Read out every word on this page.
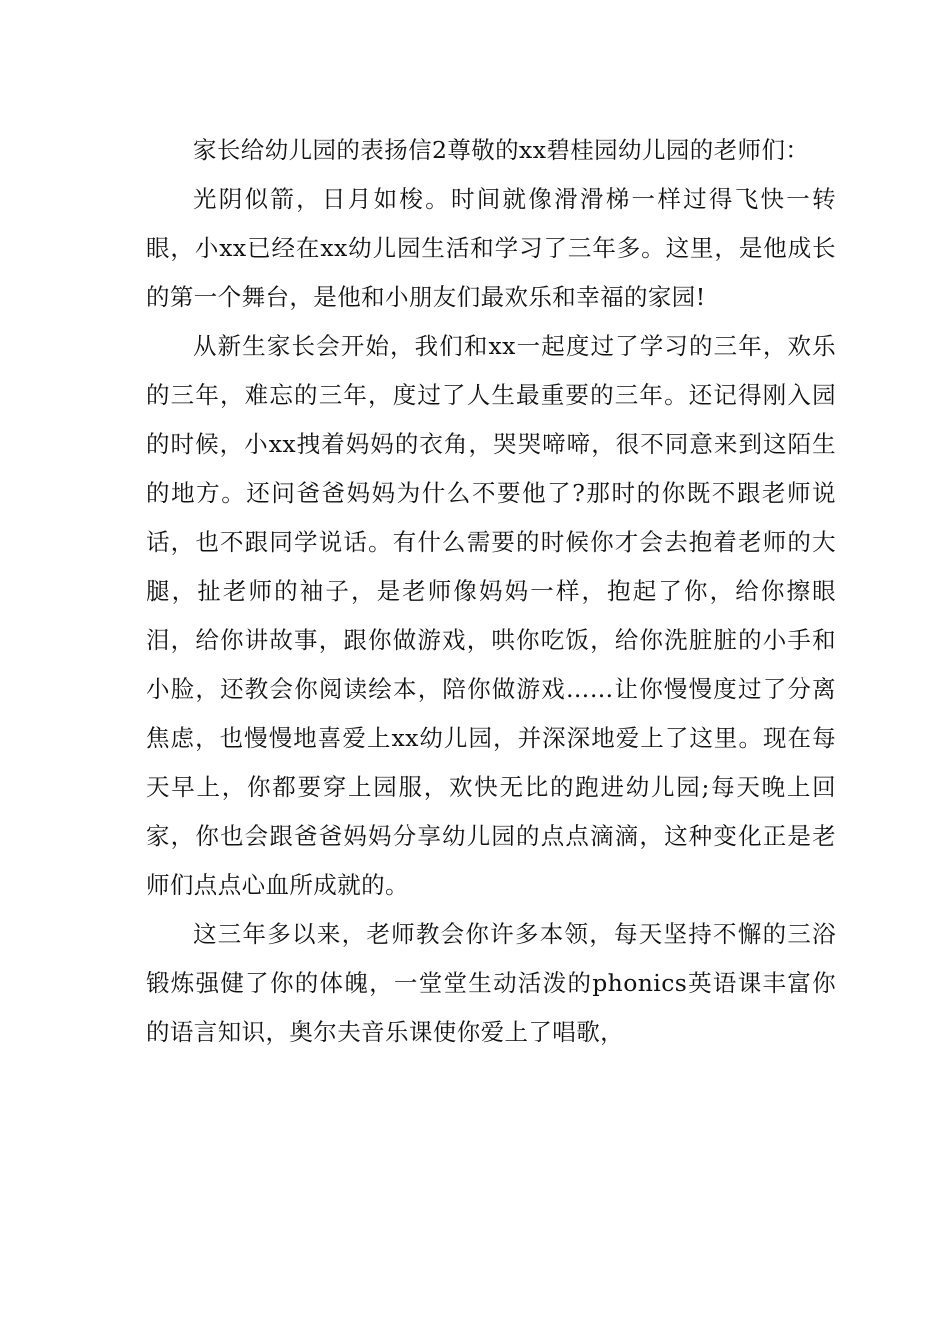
家长给幼儿园的表扬信2尊敬的xx碧桂园幼儿园的老师们：

光阴似箭，日月如梭。时间就像滑滑梯一样过得飞快一转眼，小xx已经在xx幼儿园生活和学习了三年多。这里，是他成长的第一个舞台，是他和小朋友们最欢乐和幸福的家园!

从新生家长会开始，我们和xx一起度过了学习的三年，欢乐的三年，难忘的三年，度过了人生最重要的三年。还记得刚入园的时候，小xx拽着妈妈的衣角，哭哭啼啼，很不同意来到这陌生的地方。还问爸爸妈妈为什么不要他了?那时的你既不跟老师说话，也不跟同学说话。有什么需要的时候你才会去抱着老师的大腿，扯老师的袖子，是老师像妈妈一样，抱起了你，给你擦眼泪，给你讲故事，跟你做游戏，哄你吃饭，给你洗脏脏的小手和小脸，还教会你阅读绘本，陪你做游戏……让你慢慢度过了分离焦虑，也慢慢地喜爱上xx幼儿园，并深深地爱上了这里。现在每天早上，你都要穿上园服，欢快无比的跑进幼儿园;每天晚上回家，你也会跟爸爸妈妈分享幼儿园的点点滴滴，这种变化正是老师们点点心血所成就的。

这三年多以来，老师教会你许多本领，每天坚持不懈的三浴锻炼强健了你的体魄，一堂堂生动活泼的phonics英语课丰富你的语言知识，奥尔夫音乐课使你爱上了唱歌，
